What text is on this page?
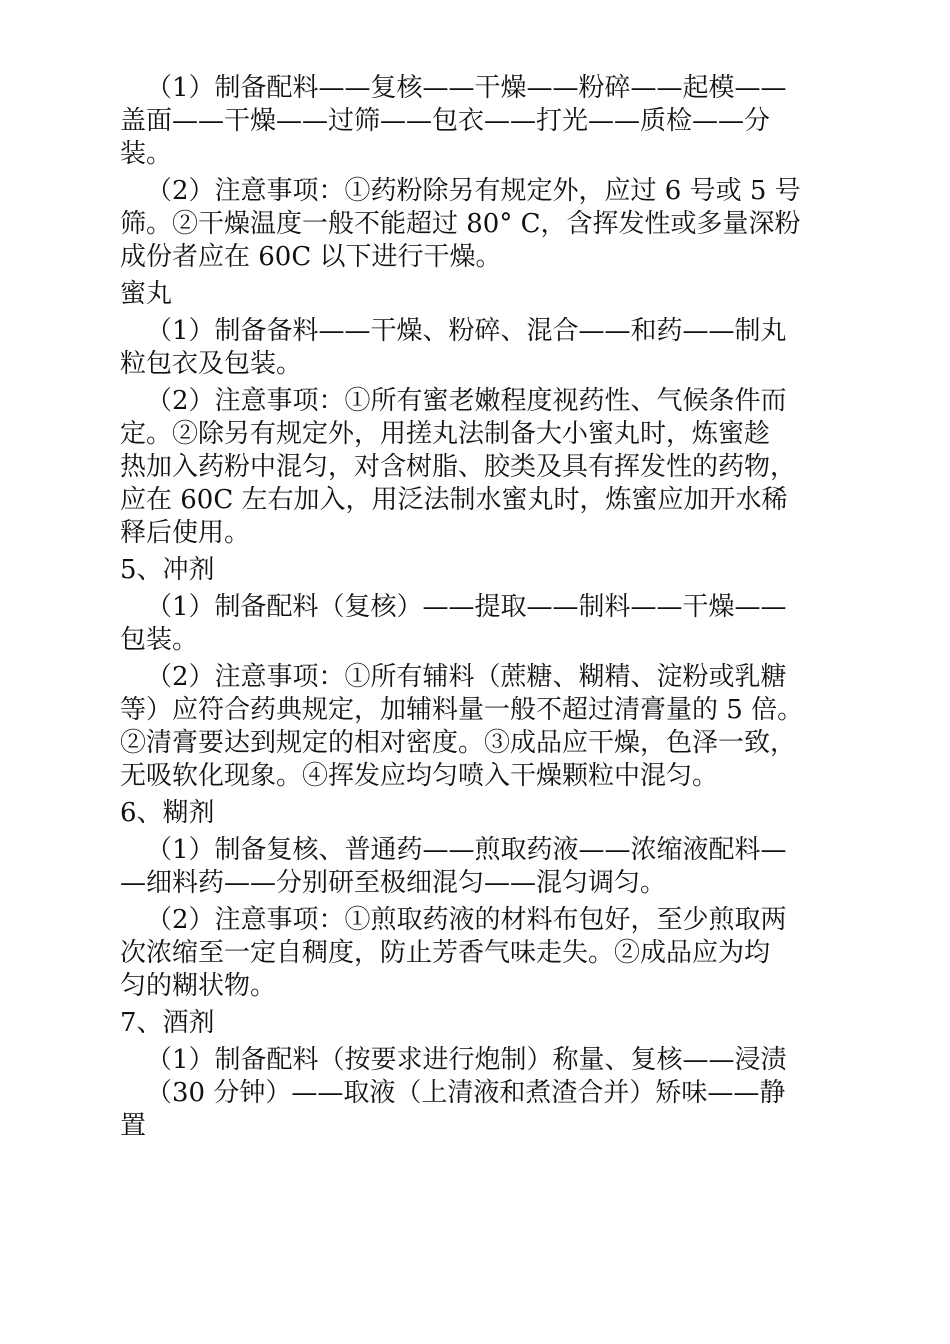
（1）制备配料——复核——干燥——粉碎——起模——
盖面——干燥——过筛——包衣——打光——质检——分
装。
（2）注意事项：①药粉除另有规定外，应过 6 号或 5 号
筛。②干燥温度一般不能超过 80° C，含挥发性或多量深粉
成份者应在 60C 以下进行干燥。
蜜丸
（1）制备备料——干燥、粉碎、混合——和药——制丸
粒包衣及包装。
（2）注意事项：①所有蜜老嫩程度视药性、气候条件而
定。②除另有规定外，用搓丸法制备大小蜜丸时，炼蜜趁
热加入药粉中混匀，对含树脂、胶类及具有挥发性的药物，
应在 60C 左右加入，用泛法制水蜜丸时，炼蜜应加开水稀
释后使用。
5、冲剂
（1）制备配料（复核）——提取——制料——干燥——
包装。
（2）注意事项：①所有辅料（蔗糖、糊精、淀粉或乳糖
等）应符合药典规定，加辅料量一般不超过清膏量的 5 倍。
②清膏要达到规定的相对密度。③成品应干燥，色泽一致，
无吸软化现象。④挥发应均匀喷入干燥颗粒中混匀。
6、糊剂
（1）制备复核、普通药——煎取药液——浓缩液配料—
—细料药——分别研至极细混匀——混匀调匀。
（2）注意事项：①煎取药液的材料布包好，至少煎取两
次浓缩至一定自稠度，防止芳香气味走失。②成品应为均
匀的糊状物。
7、酒剂
（1）制备配料（按要求进行炮制）称量、复核——浸渍
（30 分钟）——取液（上清液和煮渣合并）矫味——静
置
